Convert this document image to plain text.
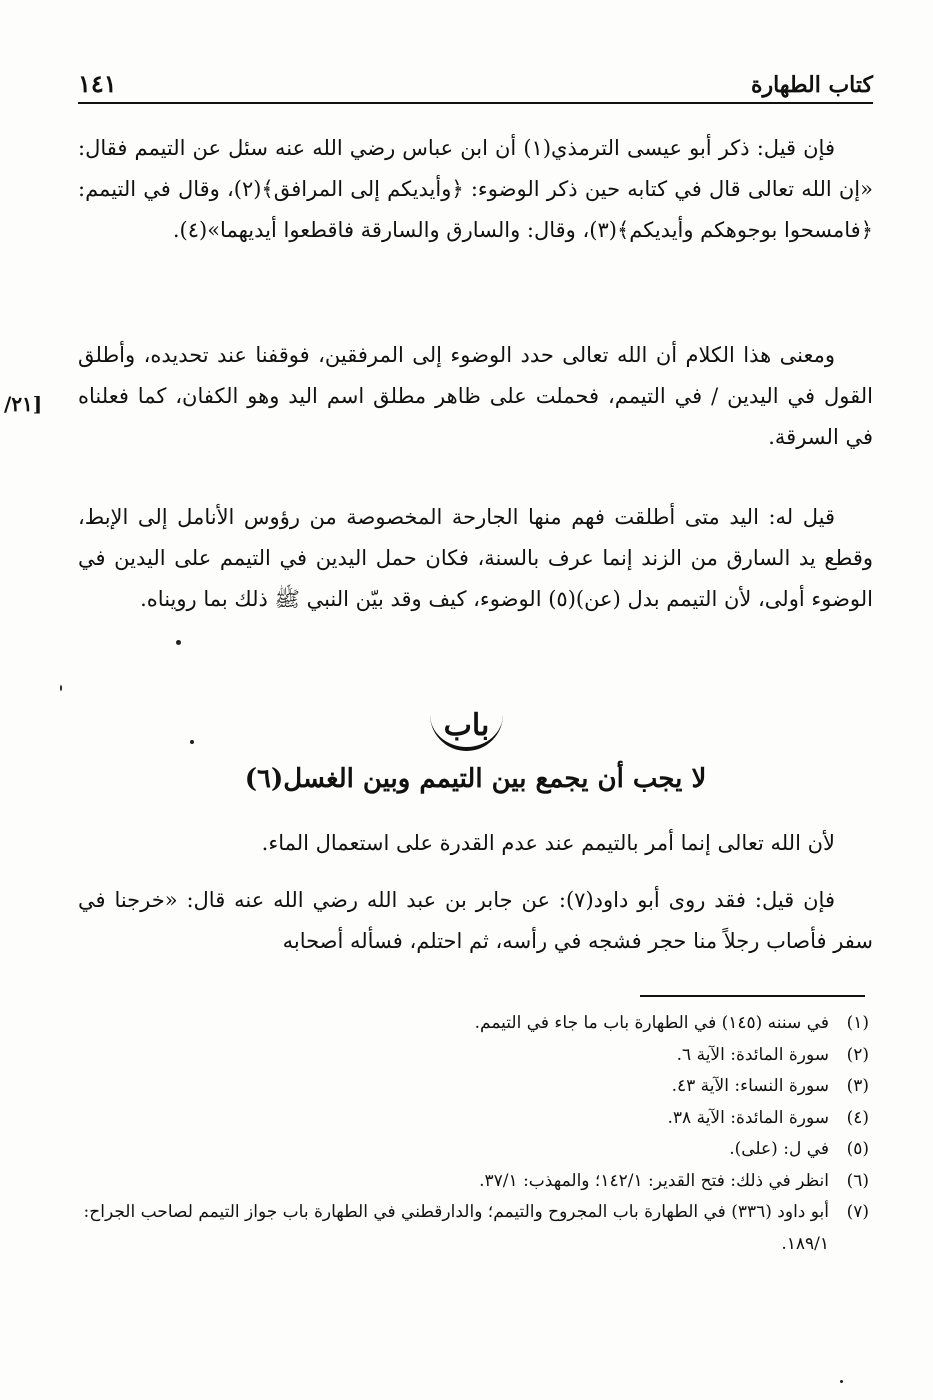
كتاب الطهارة
١٤١

فإن قيل: ذكر أبو عيسى الترمذي(١) أن ابن عباس رضي الله عنه سئل عن التيمم فقال: «إن الله تعالى قال في كتابه حين ذكر الوضوء: ﴿وأيديكم إلى المرافق﴾(٢)، وقال في التيمم: ﴿فامسحوا بوجوهكم وأيديكم﴾(٣)، وقال: والسارق والسارقة فاقطعوا أيديهما»(٤).

ومعنى هذا الكلام أن الله تعالى حدد الوضوء إلى المرفقين، فوقفنا عند تحديده، وأطلق القول في اليدين / في التيمم، فحملت على ظاهر مطلق اسم اليد وهو الكفان، كما فعلناه في السرقة.

[٢١/

قيل له: اليد متى أطلقت فهم منها الجارحة المخصوصة من رؤوس الأنامل إلى الإبط، وقطع يد السارق من الزند إنما عرف بالسنة، فكان حمل اليدين في التيمم على اليدين في الوضوء أولى، لأن التيمم بدل (عن)(٥) الوضوء، كيف وقد بيّن النبي ﷺ ذلك بما رويناه.

باب
لا يجب أن يجمع بين التيمم وبين الغسل(٦)

لأن الله تعالى إنما أمر بالتيمم عند عدم القدرة على استعمال الماء.

فإن قيل: فقد روى أبو داود(٧): عن جابر بن عبد الله رضي الله عنه قال: «خرجنا في سفر فأصاب رجلاً منا حجر فشجه في رأسه، ثم احتلم، فسأله أصحابه

(١)
في سننه (١٤٥) في الطهارة باب ما جاء في التيمم.
(٢)
سورة المائدة: الآية ٦.
(٣)
سورة النساء: الآية ٤٣.
(٤)
سورة المائدة: الآية ٣٨.
(٥)
في ل: (على).
(٦)
انظر في ذلك: فتح القدير: ١٤٢/١؛ والمهذب: ٣٧/١.
(٧)
أبو داود (٣٣٦) في الطهارة باب المجروح والتيمم؛ والدارقطني في الطهارة باب جواز التيمم لصاحب الجراح: ١٨٩/١.
